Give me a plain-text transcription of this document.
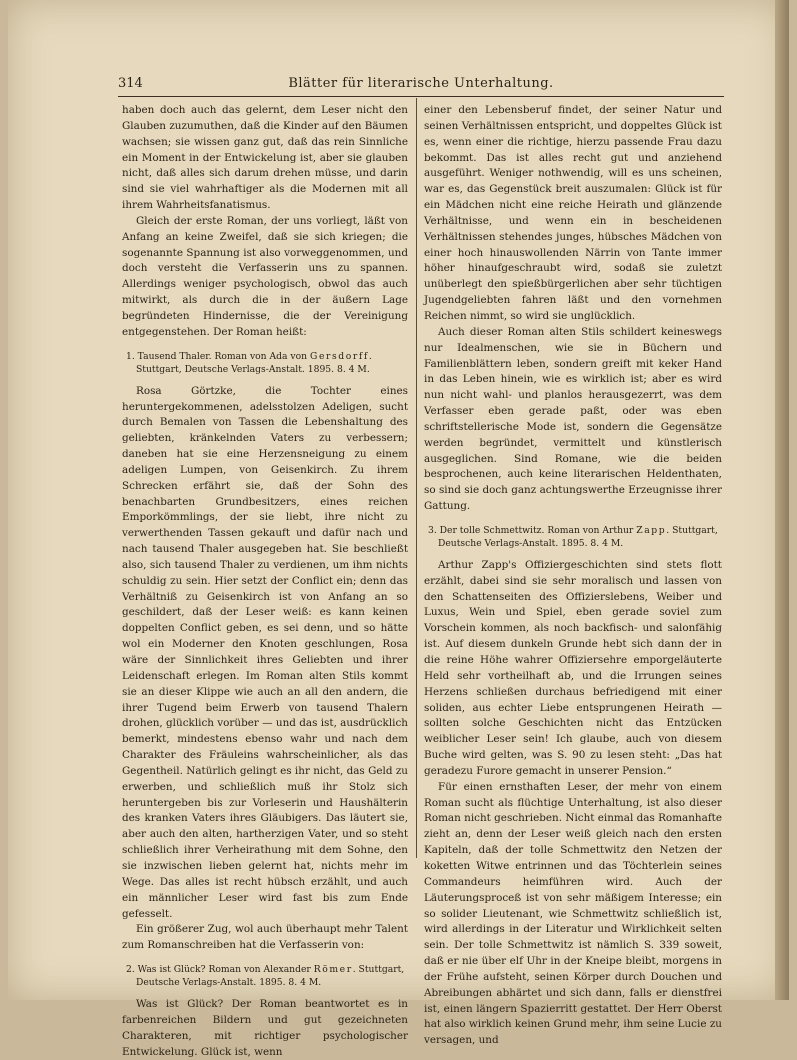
314	Blätter für literarische Unterhaltung.

haben doch auch das gelernt, dem Leser nicht den Glauben zuzumuthen, daß die Kinder auf den Bäumen wachsen; sie wissen ganz gut, daß das rein Sinnliche ein Moment in der Entwickelung ist, aber sie glauben nicht, daß alles sich darum drehen müsse, und darin sind sie viel wahrhaftiger als die Modernen mit all ihrem Wahrheitsfanatismus.

Gleich der erste Roman, der uns vorliegt, läßt von Anfang an keine Zweifel, daß sie sich kriegen; die sogenannte Spannung ist also vorweggenommen, und doch versteht die Verfasserin uns zu spannen. Allerdings weniger psychologisch, obwol das auch mitwirkt, als durch die in der äußern Lage begründeten Hindernisse, die der Vereinigung entgegenstehen. Der Roman heißt:

1. Tausend Thaler. Roman von Ada von Gersdorff. Stuttgart, Deutsche Verlags-Anstalt. 1895. 8. 4 M.

Rosa Görtzke, die Tochter eines heruntergekommenen, adelsstolzen Adeligen, sucht durch Bemalen von Tassen die Lebenshaltung des geliebten, kränkelnden Vaters zu verbessern; daneben hat sie eine Herzensneigung zu einem adeligen Lumpen, von Geisenkirch. Zu ihrem Schrecken erfährt sie, daß der Sohn des benachbarten Grundbesitzers, eines reichen Emporkömmlings, der sie liebt, ihre nicht zu verwerthenden Tassen gekauft und dafür nach und nach tausend Thaler ausgegeben hat. Sie beschließt also, sich tausend Thaler zu verdienen, um ihm nichts schuldig zu sein. Hier setzt der Conflict ein; denn das Verhältniß zu Geisenkirch ist von Anfang an so geschildert, daß der Leser weiß: es kann keinen doppelten Conflict geben, es sei denn, und so hätte wol ein Moderner den Knoten geschlungen, Rosa wäre der Sinnlichkeit ihres Geliebten und ihrer Leidenschaft erlegen. Im Roman alten Stils kommt sie an dieser Klippe wie auch an all den andern, die ihrer Tugend beim Erwerb von tausend Thalern drohen, glücklich vorüber — und das ist, ausdrücklich bemerkt, mindestens ebenso wahr und nach dem Charakter des Fräuleins wahrscheinlicher, als das Gegentheil. Natürlich gelingt es ihr nicht, das Geld zu erwerben, und schließlich muß ihr Stolz sich heruntergeben bis zur Vorleserin und Haushälterin des kranken Vaters ihres Gläubigers. Das läutert sie, aber auch den alten, hartherzigen Vater, und so steht schließlich ihrer Verheirathung mit dem Sohne, den sie inzwischen lieben gelernt hat, nichts mehr im Wege. Das alles ist recht hübsch erzählt, und auch ein männlicher Leser wird fast bis zum Ende gefesselt.

Ein größerer Zug, wol auch überhaupt mehr Talent zum Romanschreiben hat die Verfasserin von:

2. Was ist Glück? Roman von Alexander Römer. Stuttgart, Deutsche Verlags-Anstalt. 1895. 8. 4 M.

Was ist Glück? Der Roman beantwortet es in farbenreichen Bildern und gut gezeichneten Charakteren, mit richtiger psychologischer Entwickelung. Glück ist, wenn

einer den Lebensberuf findet, der seiner Natur und seinen Verhältnissen entspricht, und doppeltes Glück ist es, wenn einer die richtige, hierzu passende Frau dazu bekommt. Das ist alles recht gut und anziehend ausgeführt. Weniger nothwendig, will es uns scheinen, war es, das Gegenstück breit auszumalen: Glück ist für ein Mädchen nicht eine reiche Heirath und glänzende Verhältnisse, und wenn ein in bescheidenen Verhältnissen stehendes junges, hübsches Mädchen von einer hoch hinauswollenden Närrin von Tante immer höher hinaufgeschraubt wird, sodaß sie zuletzt unüberlegt den spießbürgerlichen aber sehr tüchtigen Jugendgeliebten fahren läßt und den vornehmen Reichen nimmt, so wird sie unglücklich.

Auch dieser Roman alten Stils schildert keineswegs nur Idealmenschen, wie sie in Büchern und Familienblättern leben, sondern greift mit keker Hand in das Leben hinein, wie es wirklich ist; aber es wird nun nicht wahl- und planlos herausgezerrt, was dem Verfasser eben gerade paßt, oder was eben schriftstellerische Mode ist, sondern die Gegensätze werden begründet, vermittelt und künstlerisch ausgeglichen. Sind Romane, wie die beiden besprochenen, auch keine literarischen Heldenthaten, so sind sie doch ganz achtungswerthe Erzeugnisse ihrer Gattung.

3. Der tolle Schmettwitz. Roman von Arthur Zapp. Stuttgart, Deutsche Verlags-Anstalt. 1895. 8. 4 M.

Arthur Zapp's Offiziergeschichten sind stets flott erzählt, dabei sind sie sehr moralisch und lassen von den Schattenseiten des Offizierslebens, Weiber und Luxus, Wein und Spiel, eben gerade soviel zum Vorschein kommen, als noch backfisch- und salonfähig ist. Auf diesem dunkeln Grunde hebt sich dann der in die reine Höhe wahrer Offiziersehre emporgeläuterte Held sehr vortheilhaft ab, und die Irrungen seines Herzens schließen durchaus befriedigend mit einer soliden, aus echter Liebe entsprungenen Heirath — sollten solche Geschichten nicht das Entzücken weiblicher Leser sein! Ich glaube, auch von diesem Buche wird gelten, was S. 90 zu lesen steht: „Das hat geradezu Furore gemacht in unserer Pension.“

Für einen ernsthaften Leser, der mehr von einem Roman sucht als flüchtige Unterhaltung, ist also dieser Roman nicht geschrieben. Nicht einmal das Romanhafte zieht an, denn der Leser weiß gleich nach den ersten Kapiteln, daß der tolle Schmettwitz den Netzen der koketten Witwe entrinnen und das Töchterlein seines Commandeurs heimführen wird. Auch der Läuterungsproceß ist von sehr mäßigem Interesse; ein so solider Lieutenant, wie Schmettwitz schließlich ist, wird allerdings in der Literatur und Wirklichkeit selten sein. Der tolle Schmettwitz ist nämlich S. 339 soweit, daß er nie über elf Uhr in der Kneipe bleibt, morgens in der Frühe aufsteht, seinen Körper durch Douchen und Abreibungen abhärtet und sich dann, falls er dienstfrei ist, einen längern Spazierritt gestattet. Der Herr Oberst hat also wirklich keinen Grund mehr, ihm seine Lucie zu versagen, und
